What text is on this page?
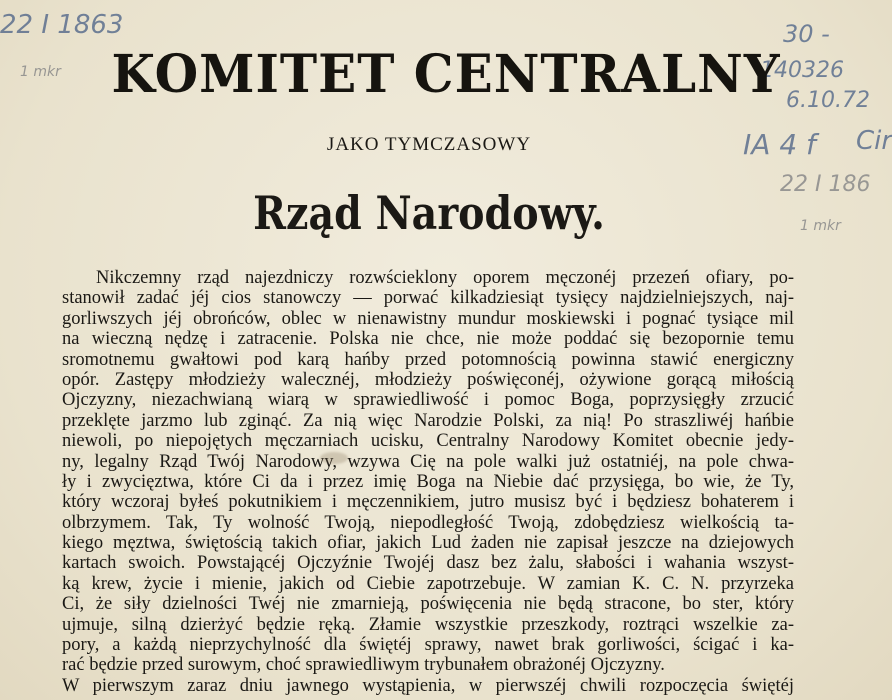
22 I 1863
1 mkr
30 -
140326
6.10.72
IA 4 f Cir
22 I 186
1 mkr
KOMITET CENTRALNY
JAKO TYMCZASOWY
Rząd Narodowy.
Nikczemny rząd najezdniczy rozwścieklony oporem męczonéj przezeń ofiary, po-
stanowił zadać jéj cios stanowczy — porwać kilkadziesiąt tysięcy najdzielniejszych, naj-
gorliwszych jéj obrońców, oblec w nienawistny mundur moskiewski i pognać tysiące mil
na wieczną nędzę i zatracenie. Polska nie chce, nie może poddać się bezopornie temu
sromotnemu gwałtowi pod karą hańby przed potomnością powinna stawić energiczny
opór. Zastępy młodzieży walecznéj, młodzieży poświęconéj, ożywione gorącą miłością
Ojczyzny, niezachwianą wiarą w sprawiedliwość i pomoc Boga, poprzysięgły zrzucić
przeklęte jarzmo lub zginąć. Za nią więc Narodzie Polski, za nią! Po straszliwéj hańbie
niewoli, po niepojętych męczarniach ucisku, Centralny Narodowy Komitet obecnie jedy-
ny, legalny Rząd Twój Narodowy, wzywa Cię na pole walki już ostatniéj, na pole chwa-
ły i zwycięztwa, które Ci da i przez imię Boga na Niebie dać przysięga, bo wie, że Ty,
który wczoraj byłeś pokutnikiem i męczennikiem, jutro musisz być i będziesz bohaterem i
olbrzymem. Tak, Ty wolność Twoją, niepodległość Twoją, zdobędziesz wielkością ta-
kiego męztwa, świętością takich ofiar, jakich Lud żaden nie zapisał jeszcze na dziejowych
kartach swoich. Powstającéj Ojczyźnie Twojéj dasz bez żalu, słabości i wahania wszyst-
ką krew, życie i mienie, jakich od Ciebie zapotrzebuje. W zamian K. C. N. przyrzeka
Ci, że siły dzielności Twéj nie zmarnieją, poświęcenia nie będą stracone, bo ster, który
ujmuje, silną dzierżyć będzie ręką. Złamie wszystkie przeszkody, roztrąci wszelkie za-
pory, a każdą nieprzychylność dla świętéj sprawy, nawet brak gorliwości, ścigać i ka-
rać będzie przed surowym, choć sprawiedliwym trybunałem obrażonéj Ojczyzny.
W pierwszym zaraz dniu jawnego wystąpienia, w pierwszéj chwili rozpoczęcia świętéj
